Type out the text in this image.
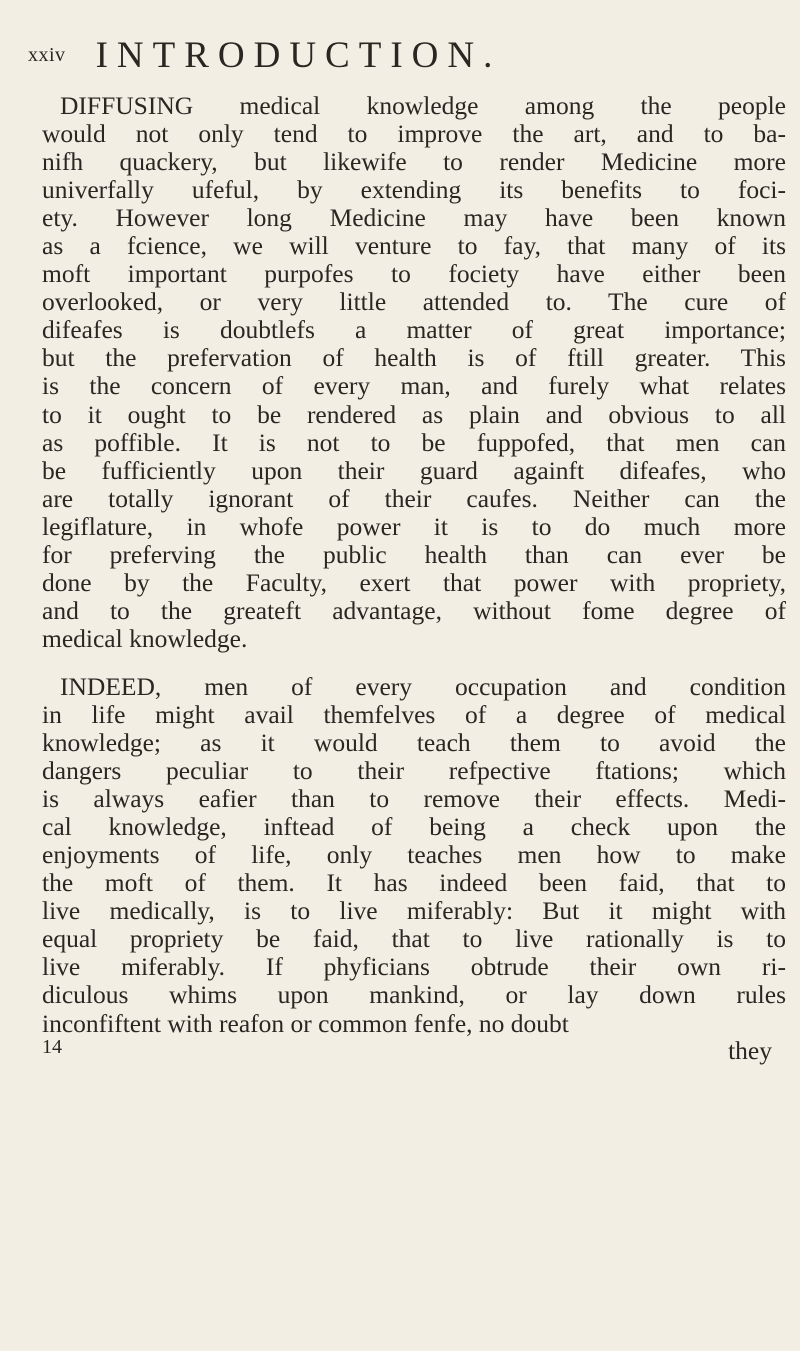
xxiv INTRODUCTION.
DIFFUSING medical knowledge among the people
would not only tend to improve the art, and to ba-
nifh quackery, but likewife to render Medicine more
univerfally ufeful, by extending its benefits to foci-
ety. However long Medicine may have been known
as a fcience, we will venture to fay, that many of its
moft important purpofes to fociety have either been
overlooked, or very little attended to. The cure of
difeafes is doubtlefs a matter of great importance;
but the prefervation of health is of ftill greater. This
is the concern of every man, and furely what relates
to it ought to be rendered as plain and obvious to all
as poffible. It is not to be fuppofed, that men can
be fufficiently upon their guard againft difeafes, who
are totally ignorant of their caufes. Neither can the
legiflature, in whofe power it is to do much more
for preferving the public health than can ever be
done by the Faculty, exert that power with propriety,
and to the greateft advantage, without fome degree of
medical knowledge.
INDEED, men of every occupation and condition
in life might avail themfelves of a degree of medical
knowledge; as it would teach them to avoid the
dangers peculiar to their refpective ftations; which
is always eafier than to remove their effects. Medi-
cal knowledge, inftead of being a check upon the
enjoyments of life, only teaches men how to make
the moft of them. It has indeed been faid, that to
live medically, is to live miferably: But it might with
equal propriety be faid, that to live rationally is to
live miferably. If phyficians obtrude their own ri-
diculous whims upon mankind, or lay down rules
inconfiftent with reafon or common fenfe, no doubt
14	they
